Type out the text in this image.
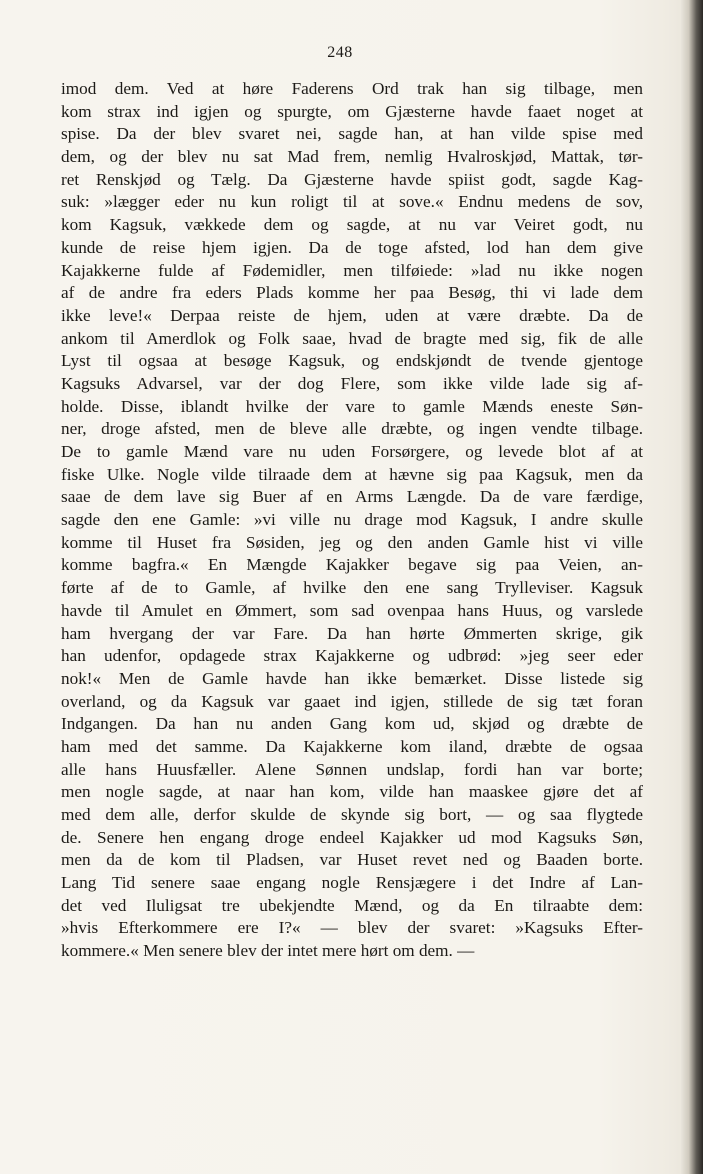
248
imod dem. Ved at høre Faderens Ord trak han sig tilbage, men
kom strax ind igjen og spurgte, om Gjæsterne havde faaet noget at
spise. Da der blev svaret nei, sagde han, at han vilde spise med
dem, og der blev nu sat Mad frem, nemlig Hvalroskjød, Mattak, tør-
ret Renskjød og Tælg. Da Gjæsterne havde spiist godt, sagde Kag-
suk: »lægger eder nu kun roligt til at sove.« Endnu medens de sov,
kom Kagsuk, vækkede dem og sagde, at nu var Veiret godt, nu
kunde de reise hjem igjen. Da de toge afsted, lod han dem give
Kajakkerne fulde af Fødemidler, men tilføiede: »lad nu ikke nogen
af de andre fra eders Plads komme her paa Besøg, thi vi lade dem
ikke leve!« Derpaa reiste de hjem, uden at være dræbte. Da de
ankom til Amerdlok og Folk saae, hvad de bragte med sig, fik de alle
Lyst til ogsaa at besøge Kagsuk, og endskjøndt de tvende gjentoge
Kagsuks Advarsel, var der dog Flere, som ikke vilde lade sig af-
holde. Disse, iblandt hvilke der vare to gamle Mænds eneste Søn-
ner, droge afsted, men de bleve alle dræbte, og ingen vendte tilbage.
De to gamle Mænd vare nu uden Forsørgere, og levede blot af at
fiske Ulke. Nogle vilde tilraade dem at hævne sig paa Kagsuk, men da
saae de dem lave sig Buer af en Arms Længde. Da de vare færdige,
sagde den ene Gamle: »vi ville nu drage mod Kagsuk, I andre skulle
komme til Huset fra Søsiden, jeg og den anden Gamle hist vi ville
komme bagfra.« En Mængde Kajakker begave sig paa Veien, an-
førte af de to Gamle, af hvilke den ene sang Trylleviser. Kagsuk
havde til Amulet en Ømmert, som sad ovenpaa hans Huus, og varslede
ham hvergang der var Fare. Da han hørte Ømmerten skrige, gik
han udenfor, opdagede strax Kajakkerne og udbrød: »jeg seer eder
nok!« Men de Gamle havde han ikke bemærket. Disse listede sig
overland, og da Kagsuk var gaaet ind igjen, stillede de sig tæt foran
Indgangen. Da han nu anden Gang kom ud, skjød og dræbte de
ham med det samme. Da Kajakkerne kom iland, dræbte de ogsaa
alle hans Huusfæller. Alene Sønnen undslap, fordi han var borte;
men nogle sagde, at naar han kom, vilde han maaskee gjøre det af
med dem alle, derfor skulde de skynde sig bort, — og saa flygtede
de. Senere hen engang droge endeel Kajakker ud mod Kagsuks Søn,
men da de kom til Pladsen, var Huset revet ned og Baaden borte.
Lang Tid senere saae engang nogle Rensjægere i det Indre af Lan-
det ved Iluligsat tre ubekjendte Mænd, og da En tilraabte dem:
»hvis Efterkommere ere I?« — blev der svaret: »Kagsuks Efter-
kommere.« Men senere blev der intet mere hørt om dem. —
